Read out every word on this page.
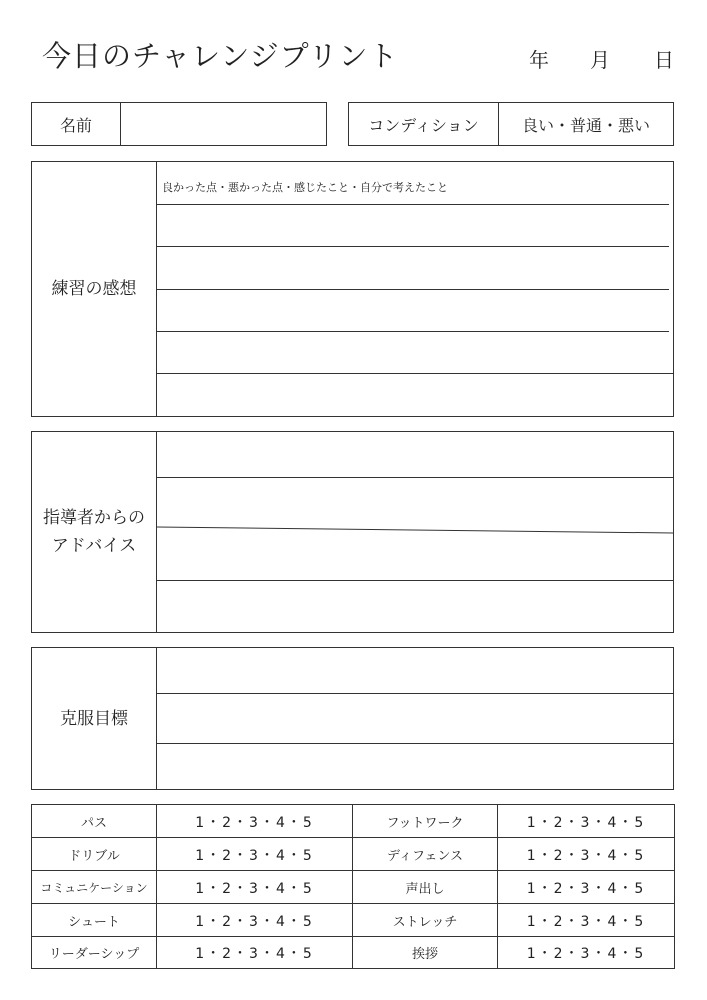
今日のチャレンジプリント	年 月 日
名前	コンディション	良い・普通・悪い
練習の感想
良かった点・悪かった点・感じたこと・自分で考えたこと
指導者からの
アドバイス
克服目標
パス	1・2・3・4・5	フットワーク	1・2・3・4・5
ドリブル	1・2・3・4・5	ディフェンス	1・2・3・4・5
コミュニケーション	1・2・3・4・5	声出し	1・2・3・4・5
シュート	1・2・3・4・5	ストレッチ	1・2・3・4・5
リーダーシップ	1・2・3・4・5	挨拶	1・2・3・4・5
